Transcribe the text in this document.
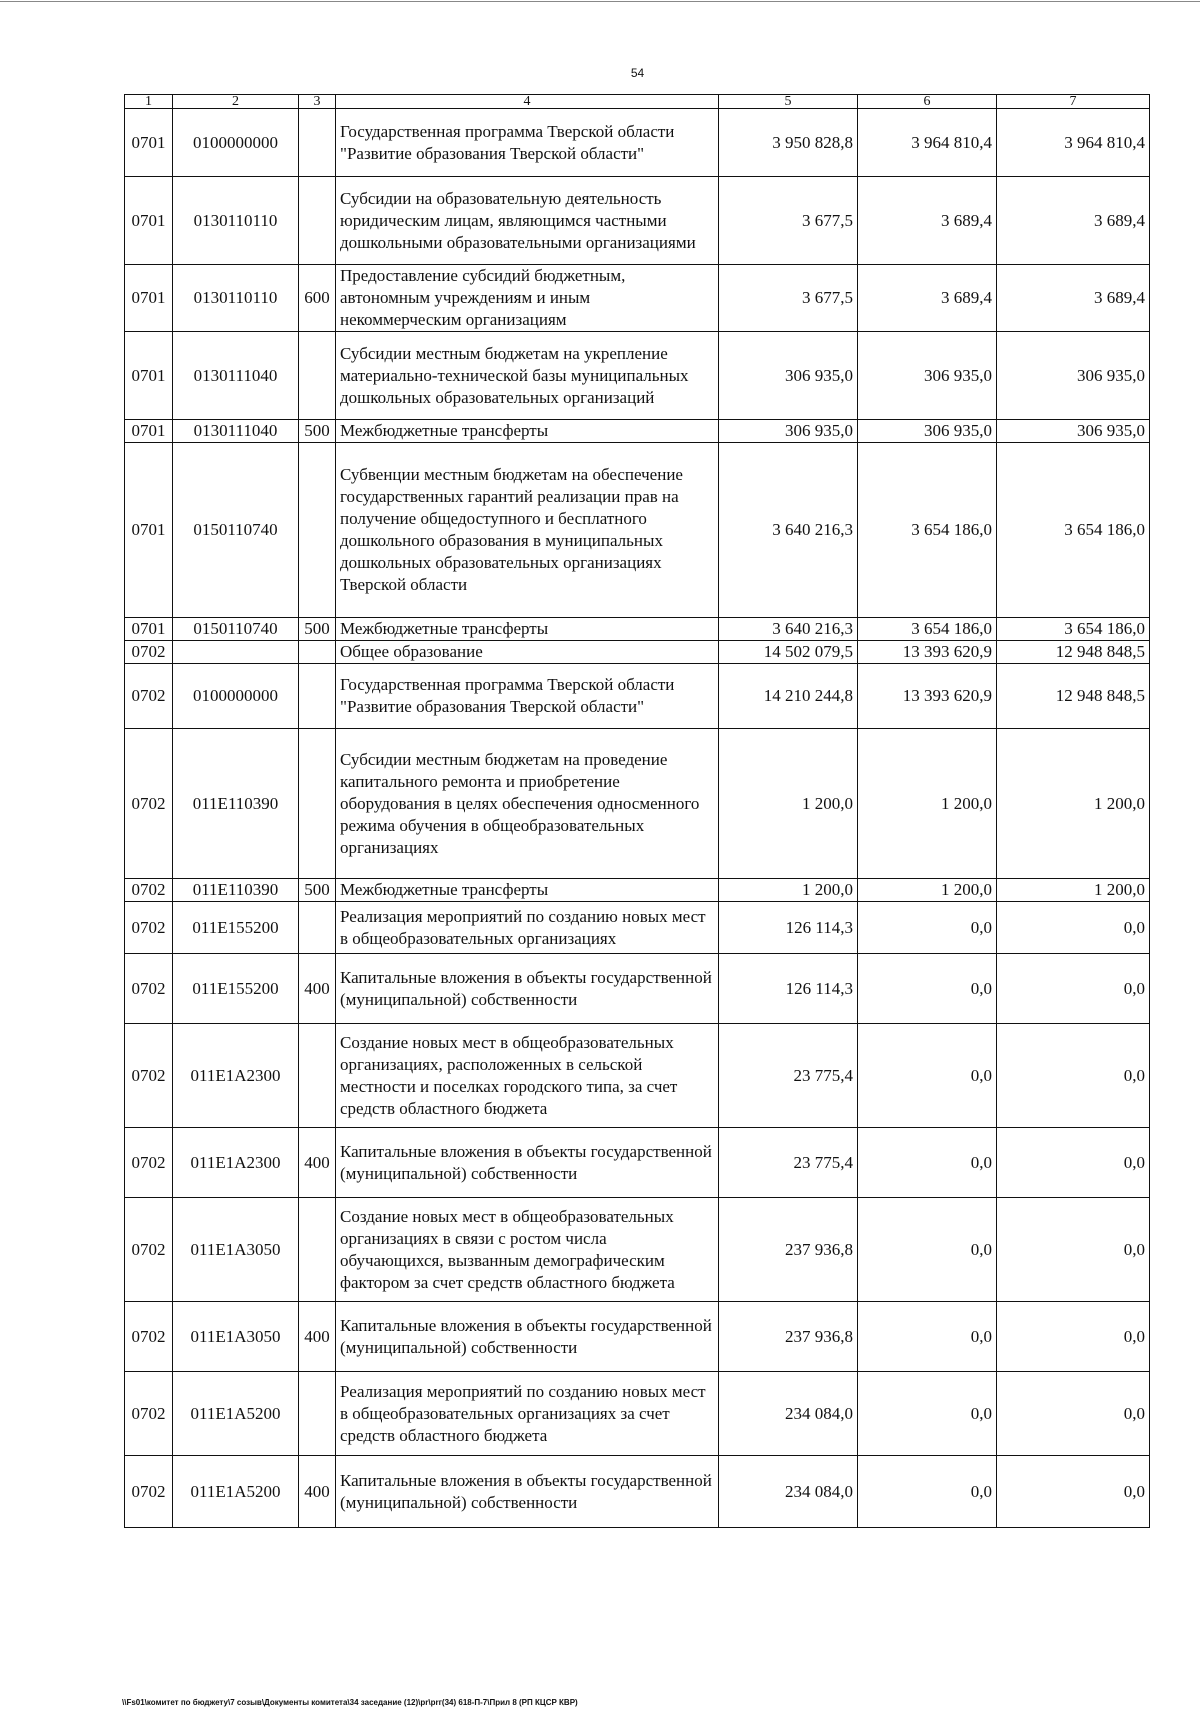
54
1	2	3	4	5	6	7
0701	0100000000		Государственная программа Тверской области "Развитие образования Тверской области"	3 950 828,8	3 964 810,4	3 964 810,4
0701	0130110110		Субсидии на образовательную деятельность юридическим лицам, являющимся частными дошкольными образовательными организациями	3 677,5	3 689,4	3 689,4
0701	0130110110	600	Предоставление субсидий бюджетным, автономным учреждениям и иным некоммерческим организациям	3 677,5	3 689,4	3 689,4
0701	0130111040		Субсидии местным бюджетам на укрепление материально-технической базы муниципальных дошкольных образовательных организаций	306 935,0	306 935,0	306 935,0
0701	0130111040	500	Межбюджетные трансферты	306 935,0	306 935,0	306 935,0
0701	0150110740		Субвенции местным бюджетам на обеспечение государственных гарантий реализации прав на получение общедоступного и бесплатного дошкольного образования в муниципальных дошкольных образовательных организациях Тверской области	3 640 216,3	3 654 186,0	3 654 186,0
0701	0150110740	500	Межбюджетные трансферты	3 640 216,3	3 654 186,0	3 654 186,0
0702			Общее образование	14 502 079,5	13 393 620,9	12 948 848,5
0702	0100000000		Государственная программа Тверской области "Развитие образования Тверской области"	14 210 244,8	13 393 620,9	12 948 848,5
0702	011E110390		Субсидии местным бюджетам на проведение капитального ремонта и приобретение оборудования в целях обеспечения односменного режима обучения в общеобразовательных организациях	1 200,0	1 200,0	1 200,0
0702	011E110390	500	Межбюджетные трансферты	1 200,0	1 200,0	1 200,0
0702	011E155200		Реализация мероприятий по созданию новых мест в общеобразовательных организациях	126 114,3	0,0	0,0
0702	011E155200	400	Капитальные вложения в объекты государственной (муниципальной) собственности	126 114,3	0,0	0,0
0702	011E1A2300		Создание новых мест в общеобразовательных организациях, расположенных в сельской местности и поселках городского типа, за счет средств областного бюджета	23 775,4	0,0	0,0
0702	011E1A2300	400	Капитальные вложения в объекты государственной (муниципальной) собственности	23 775,4	0,0	0,0
0702	011E1A3050		Создание новых мест в общеобразовательных организациях в связи с ростом числа обучающихся, вызванным демографическим фактором за счет средств областного бюджета	237 936,8	0,0	0,0
0702	011E1A3050	400	Капитальные вложения в объекты государственной (муниципальной) собственности	237 936,8	0,0	0,0
0702	011E1A5200		Реализация мероприятий по созданию новых мест в общеобразовательных организациях за счет средств областного бюджета	234 084,0	0,0	0,0
0702	011E1A5200	400	Капитальные вложения в объекты государственной (муниципальной) собственности	234 084,0	0,0	0,0
\\Fs01\комитет по бюджету\7 созыв\Документы комитета\34 заседание (12)\pr\prг(34) 618-П-7\Прил 8 (РП КЦСР КВР)
